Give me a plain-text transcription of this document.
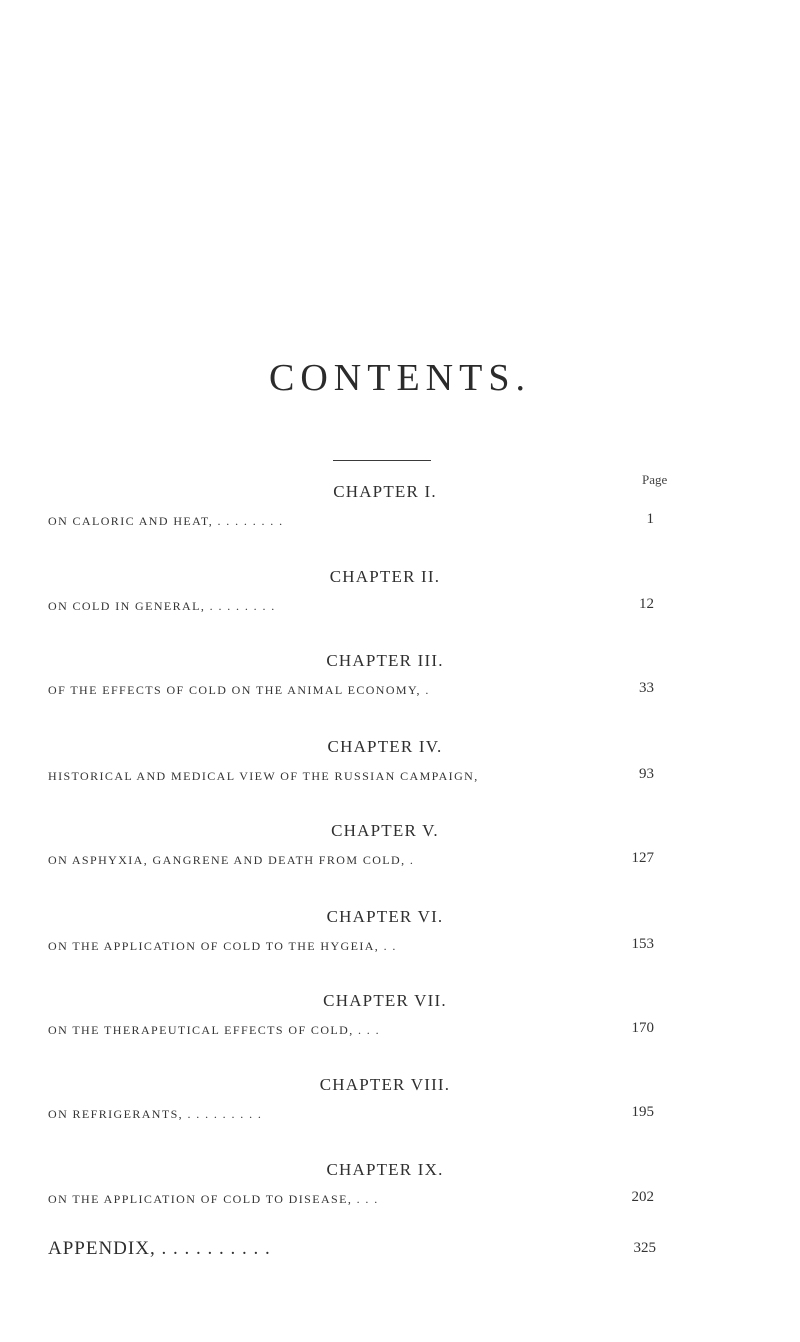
CONTENTS.
Page
CHAPTER I.
ON CALORIC AND HEAT, . . . . . . . .	1
CHAPTER II.
ON COLD IN GENERAL, . . . . . . . .	12
CHAPTER III.
OF THE EFFECTS OF COLD ON THE ANIMAL ECONOMY, .	33
CHAPTER IV.
HISTORICAL AND MEDICAL VIEW OF THE RUSSIAN CAMPAIGN,	93
CHAPTER V.
ON ASPHYXIA, GANGRENE AND DEATH FROM COLD, .	127
CHAPTER VI.
ON THE APPLICATION OF COLD TO THE HYGEIA, . .	153
CHAPTER VII.
ON THE THERAPEUTICAL EFFECTS OF COLD, . . .	170
CHAPTER VIII.
ON REFRIGERANTS, . . . . . . . . .	195
CHAPTER IX.
ON THE APPLICATION OF COLD TO DISEASE, . . .	202
APPENDIX, . . . . . . . . . .	325
